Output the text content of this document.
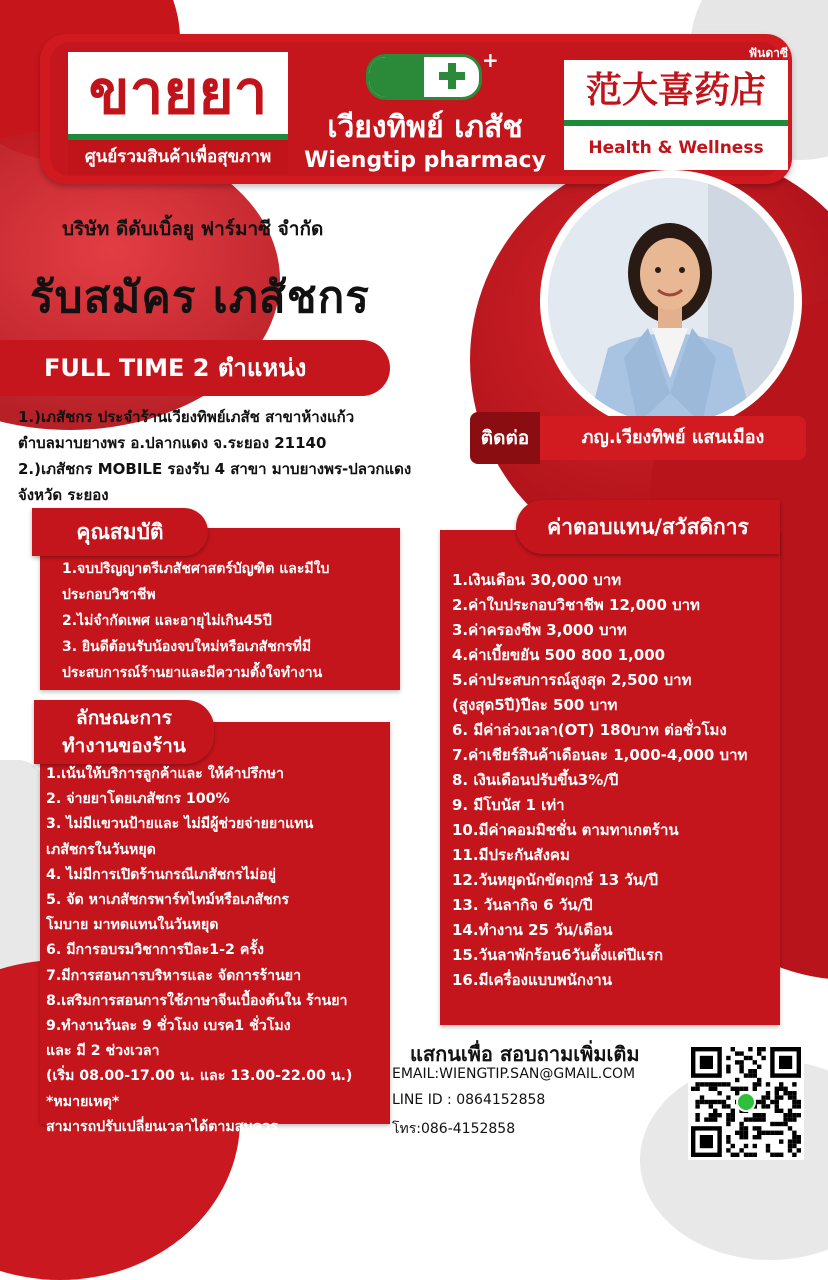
ขายยา
ศูนย์รวมสินค้าเพื่อสุขภาพ
+
เวียงทิพย์ เภสัช
Wiengtip pharmacy
ฟันดาซี
范大喜药店
Health & Wellness
บริษัท ดีดับเบิ้ลยู ฟาร์มาซี จำกัด
รับสมัคร เภสัชกร
FULL TIME 2 ตำแหน่ง
1.)เภสัชกร ประจำร้านเวียงทิพย์เภสัช สาขาห้างแก้ว
ตำบลมาบยางพร อ.ปลากแดง จ.ระยอง 21140
2.)เภสัชกร MOBILE รองรับ 4 สาขา มาบยางพร-ปลวกแดง
จังหวัด ระยอง
ติดต่อ	ภญ.เวียงทิพย์ แสนเมือง
คุณสมบัติ
1.จบปริญญาตรีเภสัชศาสตร์บัญฑิต และมีใบ
ประกอบวิชาชีพ
2.ไม่จำกัดเพศ และอายุไม่เกิน45ปี
3. ยินดีต้อนรับน้องจบใหม่หรือเภสัชกรที่มี
ประสบการณ์ร้านยาและมีความตั้งใจทำงาน
ลักษณะการ
ทำงานของร้าน
1.เน้นให้บริการลูกค้าและ ให้คำปรึกษา
2. จ่ายยาโดยเภสัชกร 100%
3. ไม่มีแขวนป้ายและ ไม่มีผู้ช่วยจ่ายยาแทน
เภสัชกรในวันหยุด
4. ไม่มีการเปิดร้านกรณีเภสัชกรไม่อยู่
5. จัด หาเภสัชกรพาร์ทไทม์หรือเภสัชกร
โมบาย มาทดแทนในวันหยุด
6. มีการอบรมวิชาการปีละ1-2 ครั้ง
7.มีการสอนการบริหารและ จัดการร้านยา
8.เสริมการสอนการใช้ภาษาจีนเบื้องต้นใน ร้านยา
9.ทำงานวันละ 9 ชั่วโมง เบรค1 ชั่วโมง
และ มี 2 ช่วงเวลา
(เริ่ม 08.00-17.00 น. และ 13.00-22.00 น.)
*หมายเหตุ*
สามารถปรับเปลี่ยนเวลาได้ตามสมควร
ค่าตอบแทน/สวัสดิการ
1.เงินเดือน 30,000 บาท
2.ค่าใบประกอบวิชาชีพ 12,000 บาท
3.ค่าครองชีพ 3,000 บาท
4.ค่าเบี้ยขยัน 500 800 1,000
5.ค่าประสบการณ์สูงสุด 2,500 บาท
(สูงสุด5ปี)ปีละ 500 บาท
6. มีค่าล่วงเวลา(OT) 180บาท ต่อชั่วโมง
7.ค่าเชียร์สินค้าเดือนละ 1,000-4,000 บาท
8. เงินเดือนปรับขึ้น3%/ปี
9. มีโบนัส 1 เท่า
10.มีค่าคอมมิชชั่น ตามทาเกตร้าน
11.มีประกันสังคม
12.วันหยุดนักขัตฤกษ์ 13 วัน/ปี
13. วันลากิจ 6 วัน/ปี
14.ทำงาน 25 วัน/เดือน
15.วันลาพักร้อน6วันตั้งแต่ปีแรก
16.มีเครื่องแบบพนักงาน
แสกนเพื่อ สอบถามเพิ่มเติม
EMAIL:WIENGTIP.SAN@GMAIL.COM
LINE ID : 0864152858
โทร:086-4152858
